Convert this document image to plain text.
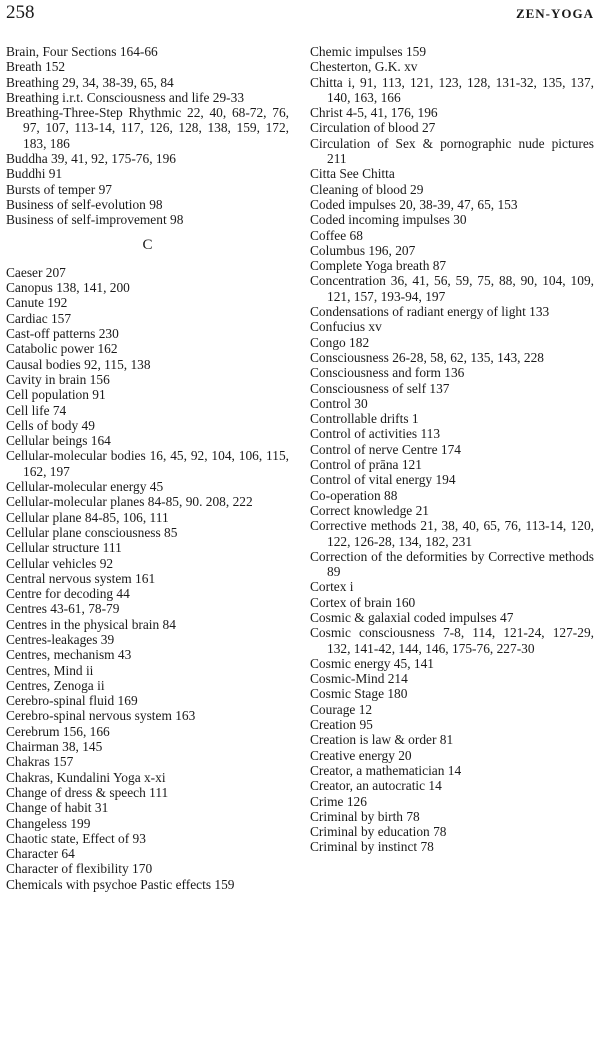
258	ZEN-YOGA

Brain, Four Sections 164-66

Breath 152

Breathing 29, 34, 38-39, 65, 84

Breathing i.r.t. Consciousness and life 29-33

Breathing-Three-Step Rhythmic 22, 40, 68-72, 76, 97, 107, 113-14, 117, 126, 128, 138, 159, 172, 183, 186

Buddha 39, 41, 92, 175-76, 196

Buddhi 91

Bursts of temper 97

Business of self-evolution 98

Business of self-improvement 98

C

Caeser 207

Canopus 138, 141, 200

Canute 192

Cardiac 157

Cast-off patterns 230

Catabolic power 162

Causal bodies 92, 115, 138

Cavity in brain 156

Cell population 91

Cell life 74

Cells of body 49

Cellular beings 164

Cellular-molecular bodies 16, 45, 92, 104, 106, 115, 162, 197

Cellular-molecular energy 45

Cellular-molecular planes 84-85, 90. 208, 222

Cellular plane 84-85, 106, 111

Cellular plane consciousness 85

Cellular structure 111

Cellular vehicles 92

Central nervous system 161

Centre for decoding 44

Centres 43-61, 78-79

Centres in the physical brain 84

Centres-leakages 39

Centres, mechanism 43

Centres, Mind ii

Centres, Zenoga ii

Cerebro-spinal fluid 169

Cerebro-spinal nervous system 163

Cerebrum 156, 166

Chairman 38, 145

Chakras 157

Chakras, Kundalini Yoga x-xi

Change of dress & speech 111

Change of habit 31

Changeless 199

Chaotic state, Effect of 93

Character 64

Character of flexibility 170

Chemicals with psychoe Pastic effects 159

Chemic impulses 159

Chesterton, G.K. xv

Chitta i, 91, 113, 121, 123, 128, 131-32, 135, 137, 140, 163, 166

Christ 4-5, 41, 176, 196

Circulation of blood 27

Circulation of Sex & pornographic nude pictures 211

Citta See Chitta

Cleaning of blood 29

Coded impulses 20, 38-39, 47, 65, 153

Coded incoming impulses 30

Coffee 68

Columbus 196, 207

Complete Yoga breath 87

Concentration 36, 41, 56, 59, 75, 88, 90, 104, 109, 121, 157, 193-94, 197

Condensations of radiant energy of light 133

Confucius xv

Congo 182

Consciousness 26-28, 58, 62, 135, 143, 228

Consciousness and form 136

Consciousness of self 137

Control 30

Controllable drifts 1

Control of activities 113

Control of nerve Centre 174

Control of prāna 121

Control of vital energy 194

Co-operation 88

Correct knowledge 21

Corrective methods 21, 38, 40, 65, 76, 113-14, 120, 122, 126-28, 134, 182, 231

Correction of the deformities by Corrective methods 89

Cortex i

Cortex of brain 160

Cosmic & galaxial coded impulses 47

Cosmic consciousness 7-8, 114, 121-24, 127-29, 132, 141-42, 144, 146, 175-76, 227-30

Cosmic energy 45, 141

Cosmic-Mind 214

Cosmic Stage 180

Courage 12

Creation 95

Creation is law & order 81

Creative energy 20

Creator, a mathematician 14

Creator, an autocratic 14

Crime 126

Criminal by birth 78

Criminal by education 78

Criminal by instinct 78
